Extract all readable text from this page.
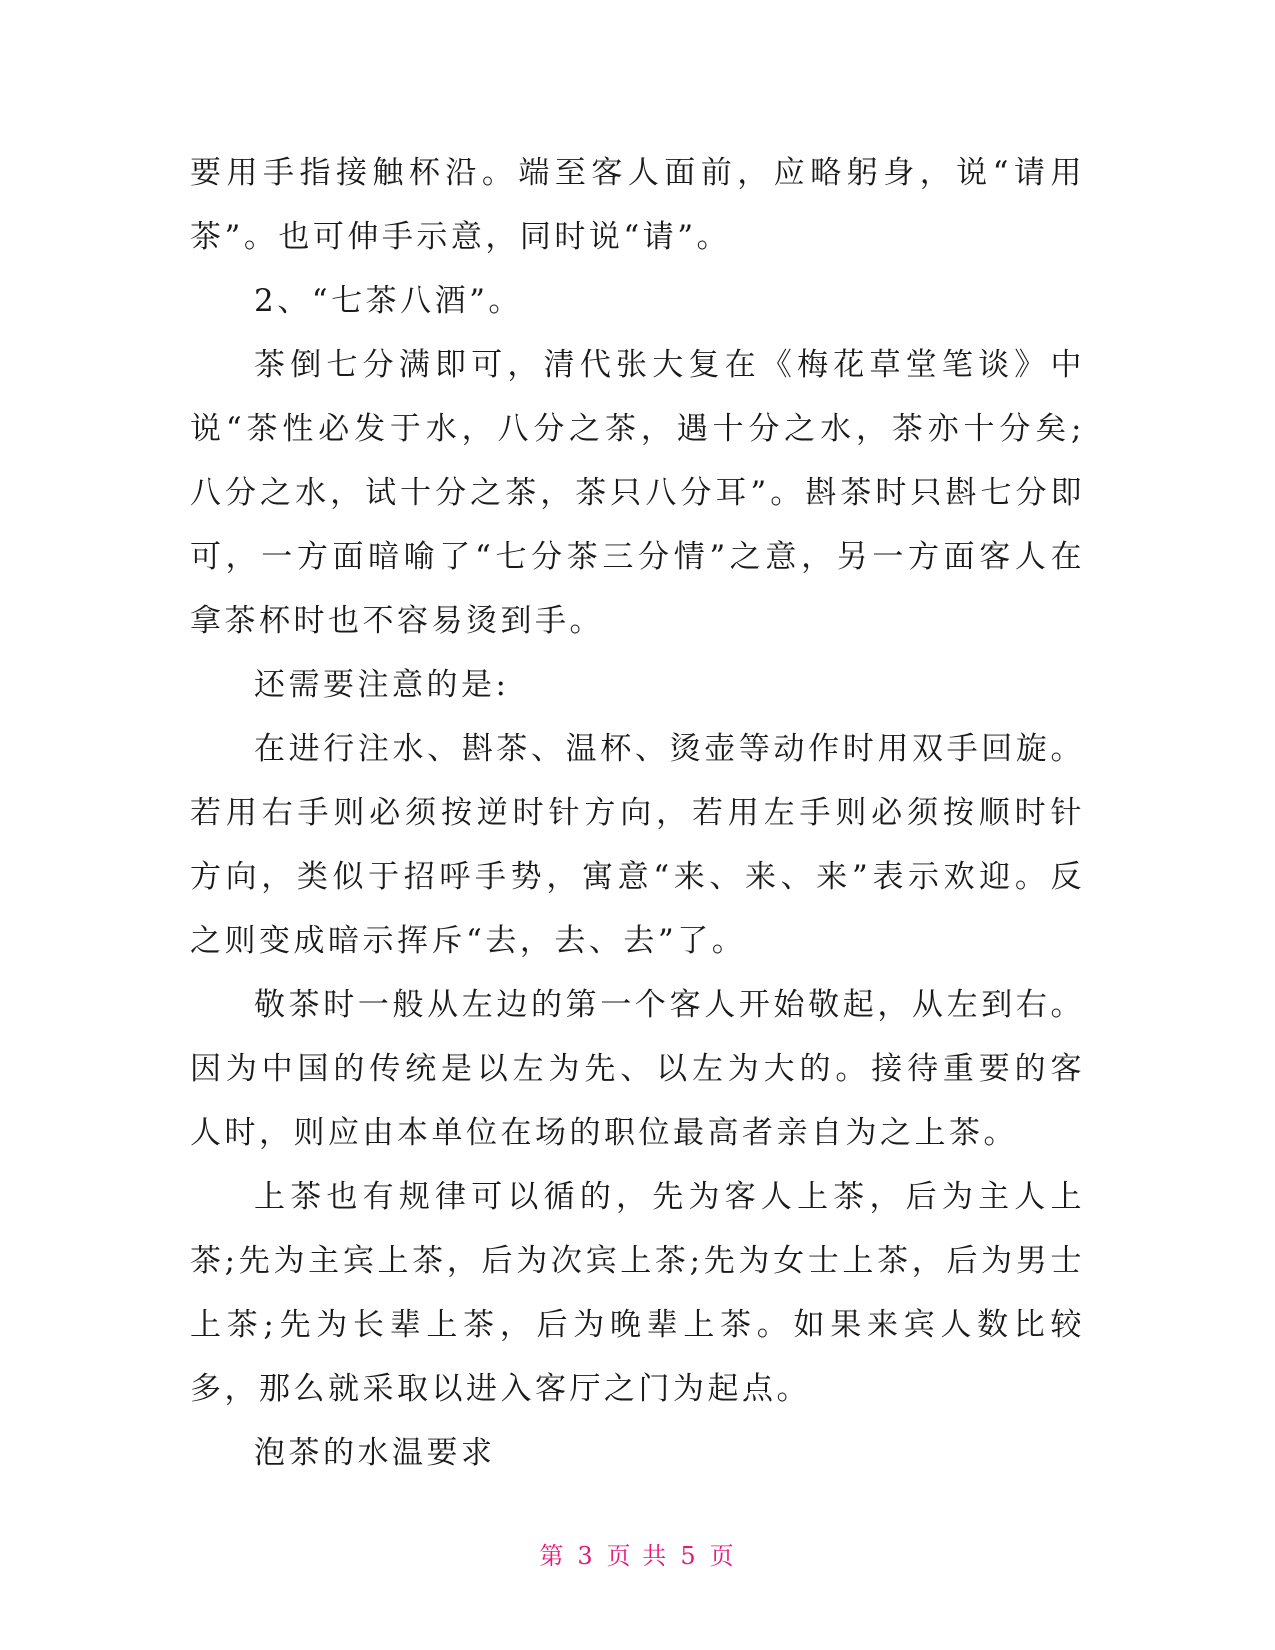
要用手指接触杯沿。端至客人面前，应略躬身，说“请用茶”。也可伸手示意，同时说“请”。

2、“七茶八酒”。

茶倒七分满即可，清代张大复在《梅花草堂笔谈》中说“茶性必发于水，八分之茶，遇十分之水，茶亦十分矣;八分之水，试十分之茶，茶只八分耳”。斟茶时只斟七分即可，一方面暗喻了“七分茶三分情”之意，另一方面客人在拿茶杯时也不容易烫到手。

还需要注意的是:

在进行注水、斟茶、温杯、烫壶等动作时用双手回旋。若用右手则必须按逆时针方向，若用左手则必须按顺时针方向，类似于招呼手势，寓意“来、来、来”表示欢迎。反之则变成暗示挥斥“去，去、去”了。

敬茶时一般从左边的第一个客人开始敬起，从左到右。因为中国的传统是以左为先、以左为大的。接待重要的客人时，则应由本单位在场的职位最高者亲自为之上茶。

上茶也有规律可以循的，先为客人上茶，后为主人上茶;先为主宾上茶，后为次宾上茶;先为女士上茶，后为男士上茶;先为长辈上茶，后为晚辈上茶。如果来宾人数比较多，那么就采取以进入客厅之门为起点。

泡茶的水温要求

第 3 页 共 5 页
